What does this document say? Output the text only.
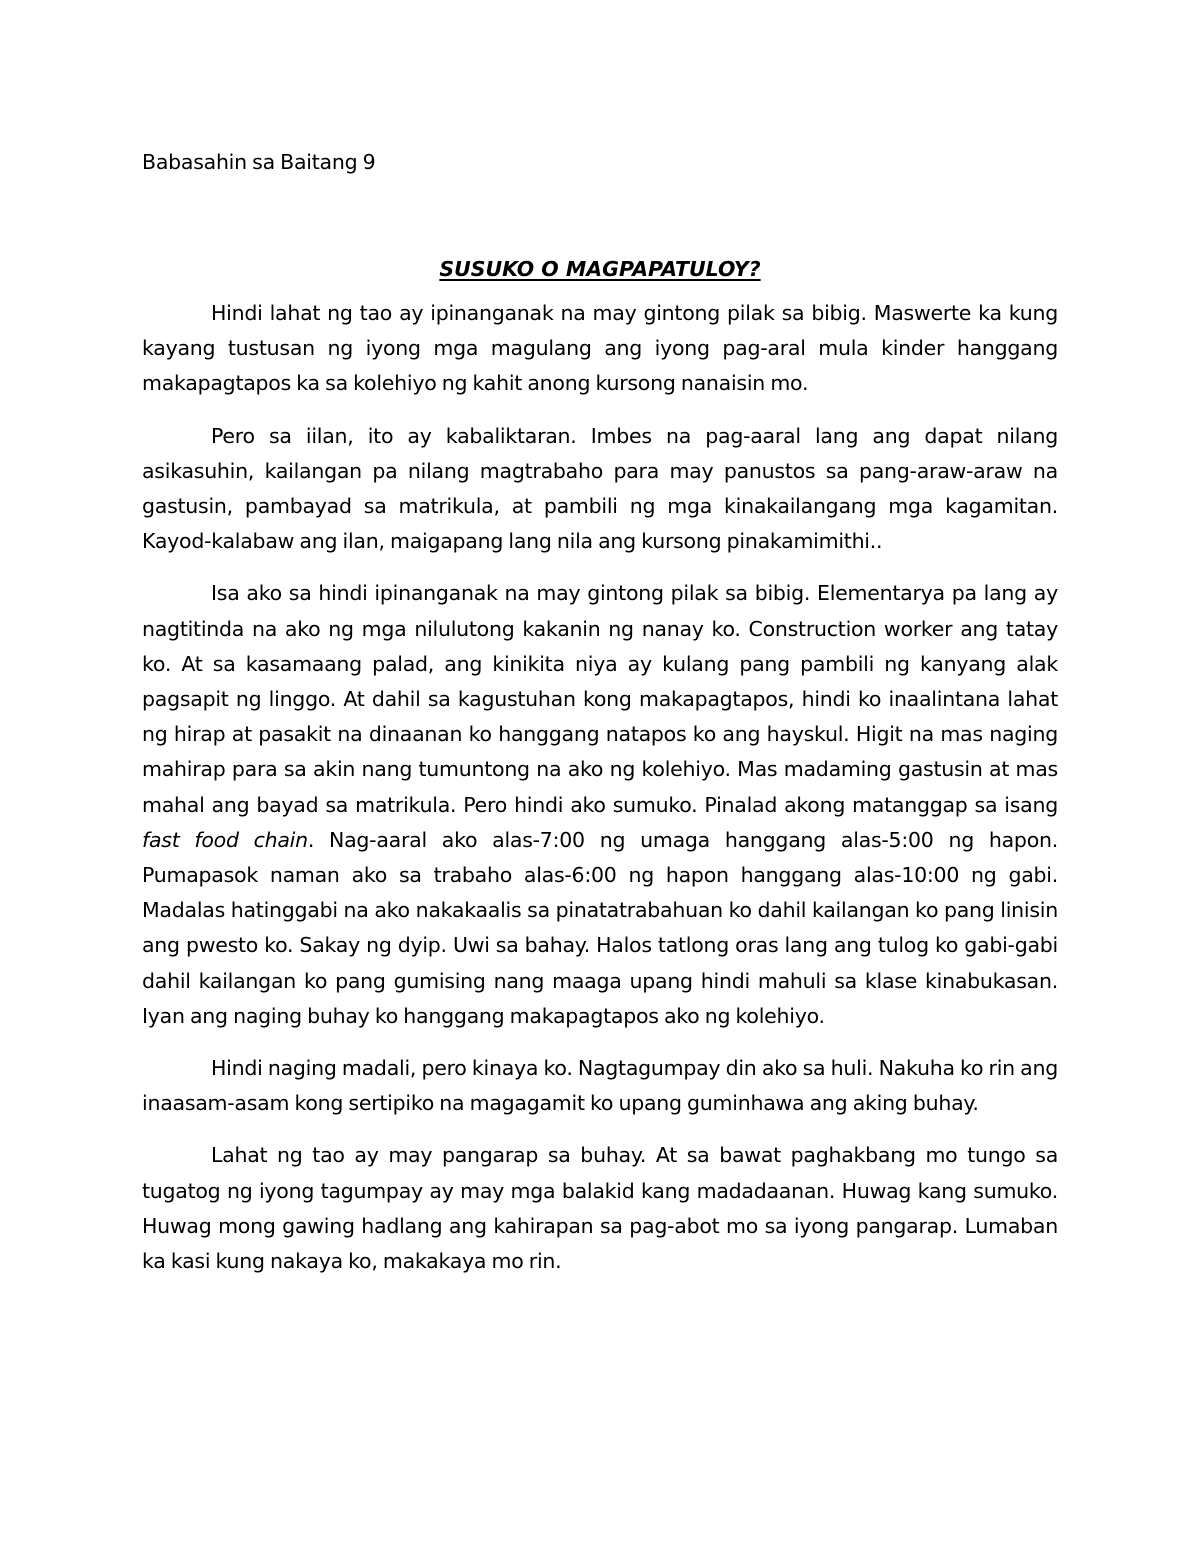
Babasahin sa Baitang 9

SUSUKO O MAGPAPATULOY?

Hindi lahat ng tao ay ipinanganak na may gintong pilak sa bibig. Maswerte ka kung kayang tustusan ng iyong mga magulang ang iyong pag-aral mula kinder hanggang makapagtapos ka sa kolehiyo ng kahit anong kursong nanaisin mo.

Pero sa iilan, ito ay kabaliktaran. Imbes na pag-aaral lang ang dapat nilang asikasuhin, kailangan pa nilang magtrabaho para may panustos sa pang-araw-araw na gastusin, pambayad sa matrikula, at pambili ng mga kinakailangang mga kagamitan. Kayod-kalabaw ang ilan, maigapang lang nila ang kursong pinakamimithi..

Isa ako sa hindi ipinanganak na may gintong pilak sa bibig. Elementarya pa lang ay nagtitinda na ako ng mga nilulutong kakanin ng nanay ko. Construction worker ang tatay ko. At sa kasamaang palad, ang kinikita niya ay kulang pang pambili ng kanyang alak pagsapit ng linggo. At dahil sa kagustuhan kong makapagtapos, hindi ko inaalintana lahat ng hirap at pasakit na dinaanan ko hanggang natapos ko ang hayskul. Higit na mas naging mahirap para sa akin nang tumuntong na ako ng kolehiyo. Mas madaming gastusin at mas mahal ang bayad sa matrikula. Pero hindi ako sumuko. Pinalad akong matanggap sa isang fast food chain. Nag-aaral ako alas-7:00 ng umaga hanggang alas-5:00 ng hapon. Pumapasok naman ako sa trabaho alas-6:00 ng hapon hanggang alas-10:00 ng gabi. Madalas hatinggabi na ako nakakaalis sa pinatatrabahuan ko dahil kailangan ko pang linisin ang pwesto ko. Sakay ng dyip. Uwi sa bahay. Halos tatlong oras lang ang tulog ko gabi-gabi dahil kailangan ko pang gumising nang maaga upang hindi mahuli sa klase kinabukasan. Iyan ang naging buhay ko hanggang makapagtapos ako ng kolehiyo.

Hindi naging madali, pero kinaya ko. Nagtagumpay din ako sa huli. Nakuha ko rin ang inaasam-asam kong sertipiko na magagamit ko upang guminhawa ang aking buhay.

Lahat ng tao ay may pangarap sa buhay. At sa bawat paghakbang mo tungo sa tugatog ng iyong tagumpay ay may mga balakid kang madadaanan. Huwag kang sumuko. Huwag mong gawing hadlang ang kahirapan sa pag-abot mo sa iyong pangarap. Lumaban ka kasi kung nakaya ko, makakaya mo rin.
